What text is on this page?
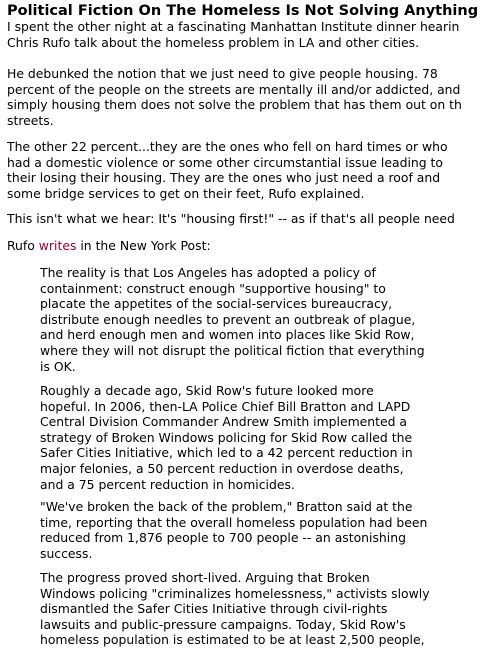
Political Fiction On The Homeless Is Not Solving Anything
I spent the other night at a fascinating Manhattan Institute dinner hearin
Chris Rufo talk about the homeless problem in LA and other cities.
He debunked the notion that we just need to give people housing. 78
percent of the people on the streets are mentally ill and/or addicted, and
simply housing them does not solve the problem that has them out on th
streets.
The other 22 percent...they are the ones who fell on hard times or who
had a domestic violence or some other circumstantial issue leading to
their losing their housing. They are the ones who just need a roof and
some bridge services to get on their feet, Rufo explained.
This isn't what we hear: It's "housing first!" -- as if that's all people need
Rufo writes in the New York Post:
The reality is that Los Angeles has adopted a policy of
containment: construct enough "supportive housing" to
placate the appetites of the social-services bureaucracy,
distribute enough needles to prevent an outbreak of plague,
and herd enough men and women into places like Skid Row,
where they will not disrupt the political fiction that everything
is OK.
Roughly a decade ago, Skid Row's future looked more
hopeful. In 2006, then-LA Police Chief Bill Bratton and LAPD
Central Division Commander Andrew Smith implemented a
strategy of Broken Windows policing for Skid Row called the
Safer Cities Initiative, which led to a 42 percent reduction in
major felonies, a 50 percent reduction in overdose deaths,
and a 75 percent reduction in homicides.
"We've broken the back of the problem," Bratton said at the
time, reporting that the overall homeless population had been
reduced from 1,876 people to 700 people -- an astonishing
success.
The progress proved short-lived. Arguing that Broken
Windows policing "criminalizes homelessness," activists slowly
dismantled the Safer Cities Initiative through civil-rights
lawsuits and public-pressure campaigns. Today, Skid Row's
homeless population is estimated to be at least 2,500 people,
